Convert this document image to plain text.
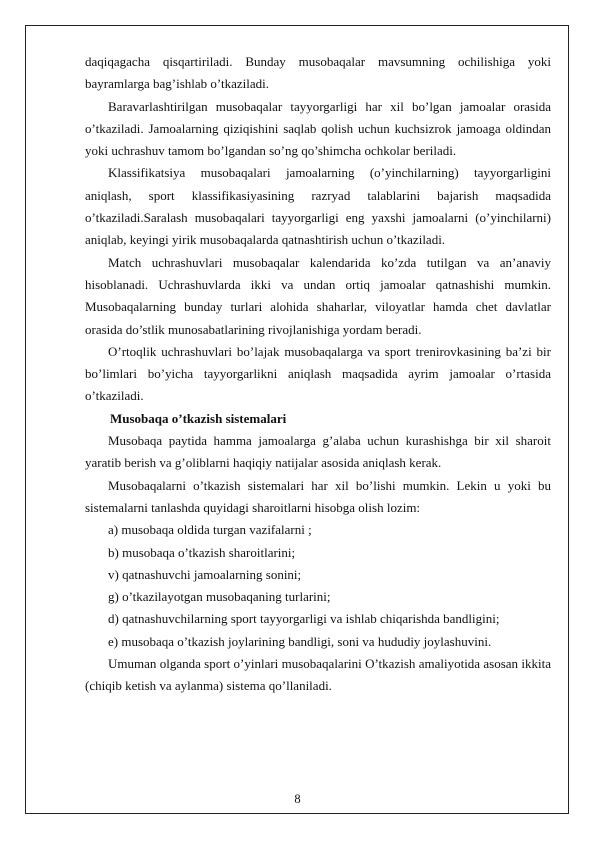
daqiqagacha qisqartiriladi. Bunday musobaqalar mavsumning ochilishiga yoki bayramlarga bag’ishlab o’tkaziladi.

Baravarlashtirilgan musobaqalar tayyorgarligi har xil bo’lgan jamoalar orasida o’tkaziladi. Jamoalarning qiziqishini saqlab qolish uchun kuchsizrok jamoaga oldindan yoki uchrashuv tamom bo’lgandan so’ng qo’shimcha ochkolar beriladi.

Klassifikatsiya musobaqalari jamoalarning (o’yinchilarning) tayyorgarligini aniqlash, sport klassifikasiyasining razryad talablarini bajarish maqsadida o’tkaziladi.Saralash musobaqalari tayyorgarligi eng yaxshi jamoalarni (o’yinchilarni) aniqlab, keyingi yirik musobaqalarda qatnashtirish uchun o’tkaziladi.

Match uchrashuvlari musobaqalar kalendarida ko’zda tutilgan va an’anaviy hisoblanadi. Uchrashuvlarda ikki va undan ortiq jamoalar qatnashishi mumkin. Musobaqalarning bunday turlari alohida shaharlar, viloyatlar hamda chet davlatlar orasida do’stlik munosabatlarining rivojlanishiga yordam beradi.

O’rtoqlik uchrashuvlari bo’lajak musobaqalarga va sport trenirovkasining ba’zi bir bo’limlari bo’yicha tayyorgarlikni aniqlash maqsadida ayrim jamoalar o’rtasida o’tkaziladi.

Musobaqa o’tkazish sistemalari

Musobaqa paytida hamma jamoalarga g’alaba uchun kurashishga bir xil sharoit yaratib berish va g’oliblarni haqiqiy natijalar asosida aniqlash kerak.

Musobaqalarni o’tkazish sistemalari har xil bo’lishi mumkin. Lekin u yoki bu sistemalarni tanlashda quyidagi sharoitlarni hisobga olish lozim:

a) musobaqa oldida turgan vazifalarni ;

b) musobaqa o’tkazish sharoitlarini;

v) qatnashuvchi jamoalarning sonini;

g) o’tkazilayotgan musobaqaning turlarini;

d) qatnashuvchilarning sport tayyorgarligi va ishlab chiqarishda bandligini;

e) musobaqa o’tkazish joylarining bandligi, soni va hududiy joylashuvini.

Umuman olganda sport o’yinlari musobaqalarini O’tkazish amaliyotida asosan ikkita (chiqib ketish va aylanma) sistema qo’llaniladi.

8
